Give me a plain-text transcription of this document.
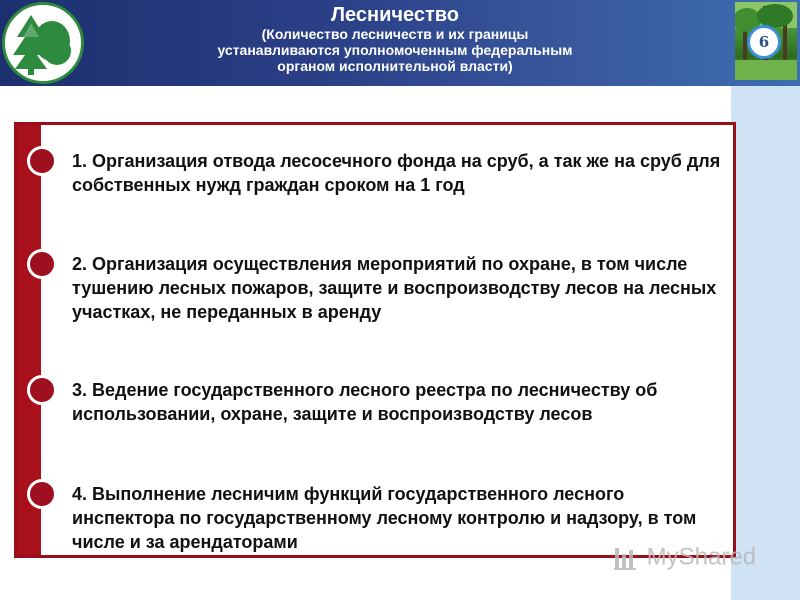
Лесничество
(Количество лесничеств и их границы
устанавливаются уполномоченным федеральным
органом исполнительной власти)
6
1. Организация отвода лесосечного фонда на сруб, а так же на сруб для собственных нужд граждан сроком на 1 год
2. Организация осуществления мероприятий по охране, в том числе тушению лесных пожаров, защите и воспроизводству лесов на лесных участках, не переданных в аренду
3. Ведение государственного лесного реестра по лесничеству об использовании, охране, защите и воспроизводству лесов
4. Выполнение лесничим функций государственного лесного инспектора по государственному лесному контролю и надзору, в том числе и за арендаторами
MyShared
